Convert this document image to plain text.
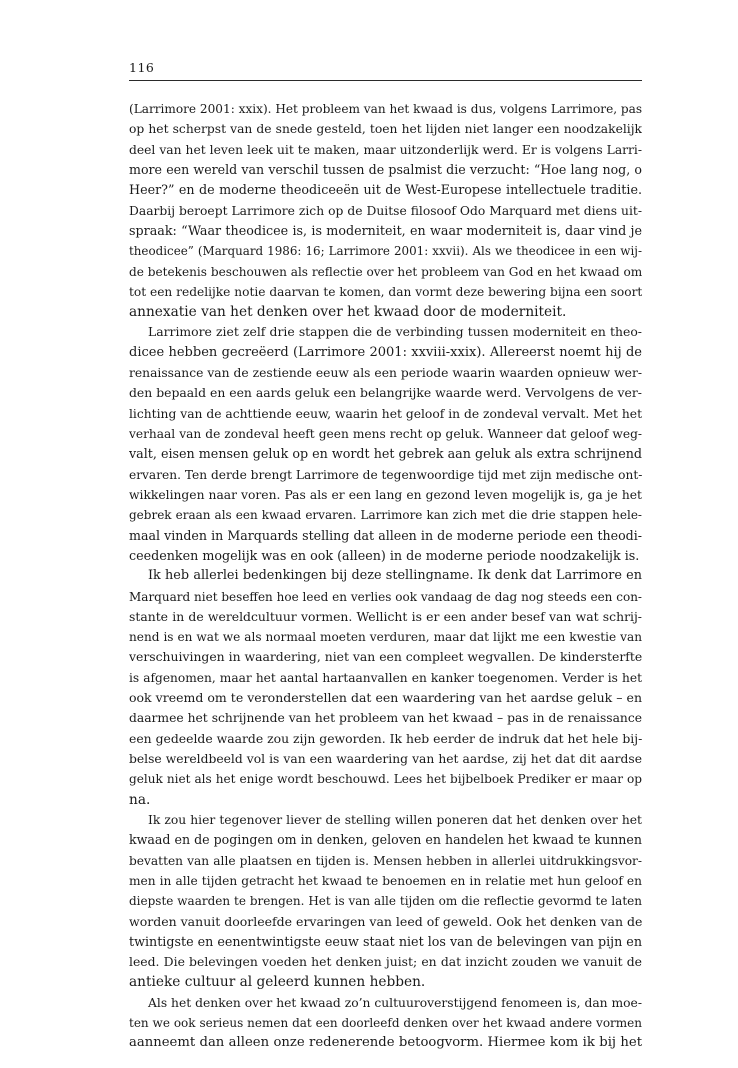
116
(Larrimore 2001: xxix). Het probleem van het kwaad is dus, volgens Larrimore, pas
op het scherpst van de snede gesteld, toen het lijden niet langer een noodzakelijk
deel van het leven leek uit te maken, maar uitzonderlijk werd. Er is volgens Larri-
more een wereld van verschil tussen de psalmist die verzucht: “Hoe lang nog, o
Heer?” en de moderne theodiceeën uit de West-Europese intellectuele traditie.
Daarbij beroept Larrimore zich op de Duitse filosoof Odo Marquard met diens uit-
spraak: “Waar theodicee is, is moderniteit, en waar moderniteit is, daar vind je
theodicee” (Marquard 1986: 16; Larrimore 2001: xxvii). Als we theodicee in een wij-
de betekenis beschouwen als reflectie over het probleem van God en het kwaad om
tot een redelijke notie daarvan te komen, dan vormt deze bewering bijna een soort
annexatie van het denken over het kwaad door de moderniteit.
Larrimore ziet zelf drie stappen die de verbinding tussen moderniteit en theo-
dicee hebben gecreëerd (Larrimore 2001: xxviii-xxix). Allereerst noemt hij de
renaissance van de zestiende eeuw als een periode waarin waarden opnieuw wer-
den bepaald en een aards geluk een belangrijke waarde werd. Vervolgens de ver-
lichting van de achttiende eeuw, waarin het geloof in de zondeval vervalt. Met het
verhaal van de zondeval heeft geen mens recht op geluk. Wanneer dat geloof weg-
valt, eisen mensen geluk op en wordt het gebrek aan geluk als extra schrijnend
ervaren. Ten derde brengt Larrimore de tegenwoordige tijd met zijn medische ont-
wikkelingen naar voren. Pas als er een lang en gezond leven mogelijk is, ga je het
gebrek eraan als een kwaad ervaren. Larrimore kan zich met die drie stappen hele-
maal vinden in Marquards stelling dat alleen in de moderne periode een theodi-
ceedenken mogelijk was en ook (alleen) in de moderne periode noodzakelijk is.
Ik heb allerlei bedenkingen bij deze stellingname. Ik denk dat Larrimore en
Marquard niet beseffen hoe leed en verlies ook vandaag de dag nog steeds een con-
stante in de wereldcultuur vormen. Wellicht is er een ander besef van wat schrij-
nend is en wat we als normaal moeten verduren, maar dat lijkt me een kwestie van
verschuivingen in waardering, niet van een compleet wegvallen. De kindersterfte
is afgenomen, maar het aantal hartaanvallen en kanker toegenomen. Verder is het
ook vreemd om te veronderstellen dat een waardering van het aardse geluk – en
daarmee het schrijnende van het probleem van het kwaad – pas in de renaissance
een gedeelde waarde zou zijn geworden. Ik heb eerder de indruk dat het hele bij-
belse wereldbeeld vol is van een waardering van het aardse, zij het dat dit aardse
geluk niet als het enige wordt beschouwd. Lees het bijbelboek Prediker er maar op
na.
Ik zou hier tegenover liever de stelling willen poneren dat het denken over het
kwaad en de pogingen om in denken, geloven en handelen het kwaad te kunnen
bevatten van alle plaatsen en tijden is. Mensen hebben in allerlei uitdrukkingsvor-
men in alle tijden getracht het kwaad te benoemen en in relatie met hun geloof en
diepste waarden te brengen. Het is van alle tijden om die reflectie gevormd te laten
worden vanuit doorleefde ervaringen van leed of geweld. Ook het denken van de
twintigste en eenentwintigste eeuw staat niet los van de belevingen van pijn en
leed. Die belevingen voeden het denken juist; en dat inzicht zouden we vanuit de
antieke cultuur al geleerd kunnen hebben.
Als het denken over het kwaad zo’n cultuuroverstijgend fenomeen is, dan moe-
ten we ook serieus nemen dat een doorleefd denken over het kwaad andere vormen
aanneemt dan alleen onze redenerende betoogvorm. Hiermee kom ik bij het
